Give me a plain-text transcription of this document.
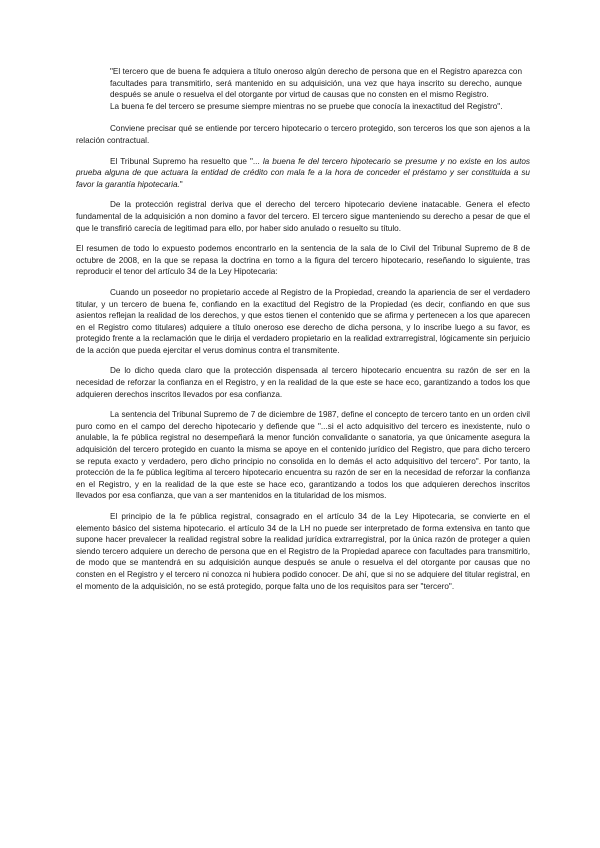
"El tercero que de buena fe adquiera a título oneroso algún derecho de persona que en el Registro aparezca con facultades para transmitirlo, será mantenido en su adquisición, una vez que haya inscrito su derecho, aunque después se anule o resuelva el del otorgante por virtud de causas que no consten en el mismo Registro.

La buena fe del tercero se presume siempre mientras no se pruebe que conocía la inexactitud del Registro".

Conviene precisar qué se entiende por tercero hipotecario o tercero protegido, son terceros los que son ajenos a la relación contractual.

El Tribunal Supremo ha resuelto que "... la buena fe del tercero hipotecario se presume y no existe en los autos prueba alguna de que actuara la entidad de crédito con mala fe a la hora de conceder el préstamo y ser constituida a su favor la garantía hipotecaria."

De la protección registral deriva que el derecho del tercero hipotecario deviene inatacable. Genera el efecto fundamental de la adquisición a non domino a favor del tercero. El tercero sigue manteniendo su derecho a pesar de que el que le transfirió carecía de legitimad para ello, por haber sido anulado o resuelto su título.

El resumen de todo lo expuesto podemos encontrarlo en la sentencia de la sala de lo Civil del Tribunal Supremo de 8 de octubre de 2008, en la que se repasa la doctrina en torno a la figura del tercero hipotecario, reseñando lo siguiente, tras reproducir el tenor del artículo 34 de la Ley Hipotecaria:

Cuando un poseedor no propietario accede al Registro de la Propiedad, creando la apariencia de ser el verdadero titular, y un tercero de buena fe, confiando en la exactitud del Registro de la Propiedad (es decir, confiando en que sus asientos reflejan la realidad de los derechos, y que estos tienen el contenido que se afirma y pertenecen a los que aparecen en el Registro como titulares) adquiere a título oneroso ese derecho de dicha persona, y lo inscribe luego a su favor, es protegido frente a la reclamación que le dirija el verdadero propietario en la realidad extrarregistral, lógicamente sin perjuicio de la acción que pueda ejercitar el verus dominus contra el transmitente.

De lo dicho queda claro que la protección dispensada al tercero hipotecario encuentra su razón de ser en la necesidad de reforzar la confianza en el Registro, y en la realidad de la que este se hace eco, garantizando a todos los que adquieren derechos inscritos llevados por esa confianza.

La sentencia del Tribunal Supremo de 7 de diciembre de 1987, define el concepto de tercero tanto en un orden civil puro como en el campo del derecho hipotecario y defiende que "...si el acto adquisitivo del tercero es inexistente, nulo o anulable, la fe pública registral no desempeñará la menor función convalidante o sanatoria, ya que únicamente asegura la adquisición del tercero protegido en cuanto la misma se apoye en el contenido jurídico del Registro, que para dicho tercero se reputa exacto y verdadero, pero dicho principio no consolida en lo demás el acto adquisitivo del tercero". Por tanto, la protección de la fe pública legítima al tercero hipotecario encuentra su razón de ser en la necesidad de reforzar la confianza en el Registro, y en la realidad de la que este se hace eco, garantizando a todos los que adquieren derechos inscritos llevados por esa confianza, que van a ser mantenidos en la titularidad de los mismos.

El principio de la fe pública registral, consagrado en el artículo 34 de la Ley Hipotecaria, se convierte en el elemento básico del sistema hipotecario. el artículo 34 de la LH no puede ser interpretado de forma extensiva en tanto que supone hacer prevalecer la realidad registral sobre la realidad jurídica extrarregistral, por la única razón de proteger a quien siendo tercero adquiere un derecho de persona que en el Registro de la Propiedad aparece con facultades para transmitirlo, de modo que se mantendrá en su adquisición aunque después se anule o resuelva el del otorgante por causas que no consten en el Registro y el tercero ni conozca ni hubiera podido conocer. De ahí, que si no se adquiere del titular registral, en el momento de la adquisición, no se está protegido, porque falta uno de los requisitos para ser "tercero".
